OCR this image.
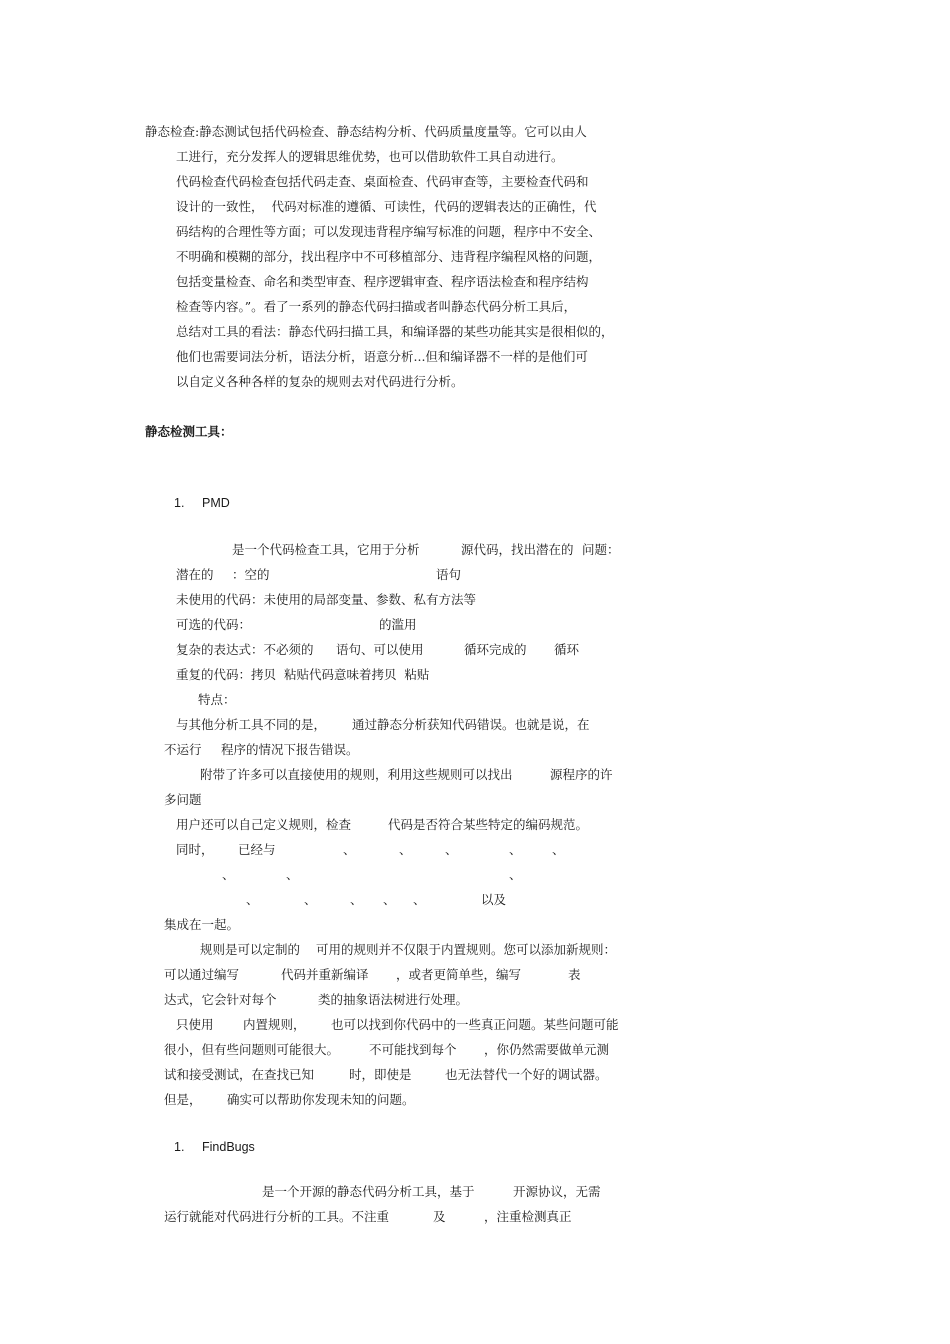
静态检查:静态测试包括代码检查、静态结构分析、代码质量度量等。它可以由人
工进行，充分发挥人的逻辑思维优势，也可以借助软件工具自动进行。
代码检查代码检查包括代码走查、桌面检查、代码审查等，主要检查代码和
设计的一致性，  代码对标准的遵循、可读性，代码的逻辑表达的正确性，代
码结构的合理性等方面；可以发现违背程序编写标准的问题，程序中不安全、
不明确和模糊的部分，找出程序中不可移植部分、违背程序编程风格的问题，
包括变量检查、命名和类型审查、程序逻辑审查、程序语法检查和程序结构
检查等内容。”。看了一系列的静态代码扫描或者叫静态代码分析工具后，
总结对工具的看法：静态代码扫描工具，和编译器的某些功能其实是很相似的，
他们也需要词法分析，语法分析，语意分析...但和编译器不一样的是他们可
以自定义各种各样的复杂的规则去对代码进行分析。
静态检测工具：
1. PMD
是一个代码检查工具，它用于分析	源代码，找出潜在的 问题：
潜在的 ：空的	语句
未使用的代码：未使用的局部变量、参数、私有方法等
可选的代码：	的滥用
复杂的表达式：不必须的 语句、可以使用	循环完成的 循环
重复的代码：拷贝  粘贴代码意味着拷贝  粘贴
特点：
与其他分析工具不同的是， 通过静态分析获知代码错误。也就是说，在
不运行 程序的情况下报告错误。
附带了许多可以直接使用的规则，利用这些规则可以找出	源程序的许
多问题
用户还可以自己定义规则，检查	代码是否符合某些特定的编码规范。
同时， 已经与	、	、	、	、 、
、	、	、
、	、	、 、 、	以及
集成在一起。
规则是可以定制的 可用的规则并不仅限于内置规则。您可以添加新规则：
可以通过编写	代码并重新编译 ，或者更简单些，编写	表
达式，它会针对每个	类的抽象语法树进行处理。
只使用 内置规则， 也可以找到你代码中的一些真正问题。某些问题可能
很小，但有些问题则可能很大。 不可能找到每个 ，你仍然需要做单元测
试和接受测试，在查找已知	时，即使是	也无法替代一个好的调试器。
但是， 确实可以帮助你发现未知的问题。
1. FindBugs
是一个开源的静态代码分析工具，基于	开源协议，无需
运行就能对代码进行分析的工具。不注重	及	，注重检测真正
